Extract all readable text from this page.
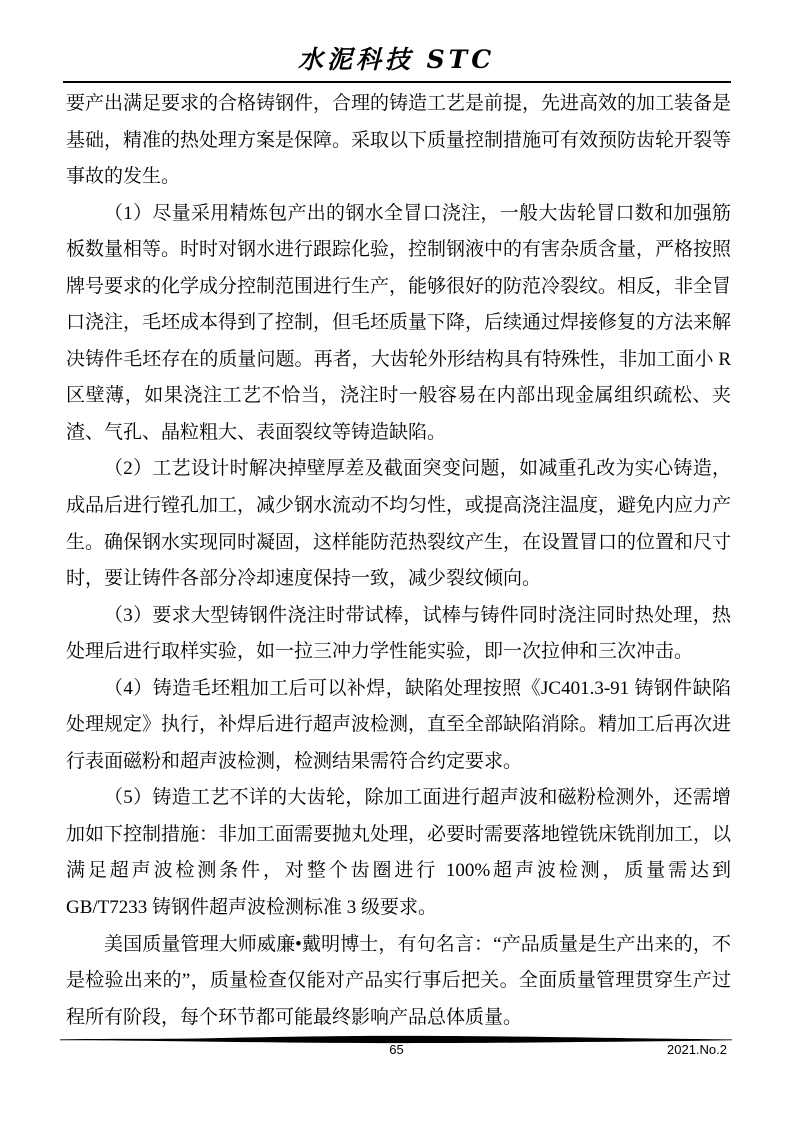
水泥科技 STC

要产出满足要求的合格铸钢件，合理的铸造工艺是前提，先进高效的加工装备是基础，精准的热处理方案是保障。采取以下质量控制措施可有效预防齿轮开裂等事故的发生。

（1）尽量采用精炼包产出的钢水全冒口浇注，一般大齿轮冒口数和加强筋板数量相等。时时对钢水进行跟踪化验，控制钢液中的有害杂质含量，严格按照牌号要求的化学成分控制范围进行生产，能够很好的防范冷裂纹。相反，非全冒口浇注，毛坯成本得到了控制，但毛坯质量下降，后续通过焊接修复的方法来解决铸件毛坯存在的质量问题。再者，大齿轮外形结构具有特殊性，非加工面小 R 区壁薄，如果浇注工艺不恰当，浇注时一般容易在内部出现金属组织疏松、夹渣、气孔、晶粒粗大、表面裂纹等铸造缺陷。

（2）工艺设计时解决掉壁厚差及截面突变问题，如减重孔改为实心铸造，成品后进行镗孔加工，减少钢水流动不均匀性，或提高浇注温度，避免内应力产生。确保钢水实现同时凝固，这样能防范热裂纹产生，在设置冒口的位置和尺寸时，要让铸件各部分冷却速度保持一致，减少裂纹倾向。

（3）要求大型铸钢件浇注时带试棒，试棒与铸件同时浇注同时热处理，热处理后进行取样实验，如一拉三冲力学性能实验，即一次拉伸和三次冲击。

（4）铸造毛坯粗加工后可以补焊，缺陷处理按照《JC401.3-91 铸钢件缺陷处理规定》执行，补焊后进行超声波检测，直至全部缺陷消除。精加工后再次进行表面磁粉和超声波检测，检测结果需符合约定要求。

（5）铸造工艺不详的大齿轮，除加工面进行超声波和磁粉检测外，还需增加如下控制措施：非加工面需要抛丸处理，必要时需要落地镗铣床铣削加工，以满足超声波检测条件，对整个齿圈进行 100%超声波检测，质量需达到 GB/T7233 铸钢件超声波检测标准 3 级要求。

美国质量管理大师威廉•戴明博士，有句名言：“产品质量是生产出来的，不是检验出来的”，质量检查仅能对产品实行事后把关。全面质量管理贯穿生产过程所有阶段，每个环节都可能最终影响产品总体质量。

65	2021.No.2
